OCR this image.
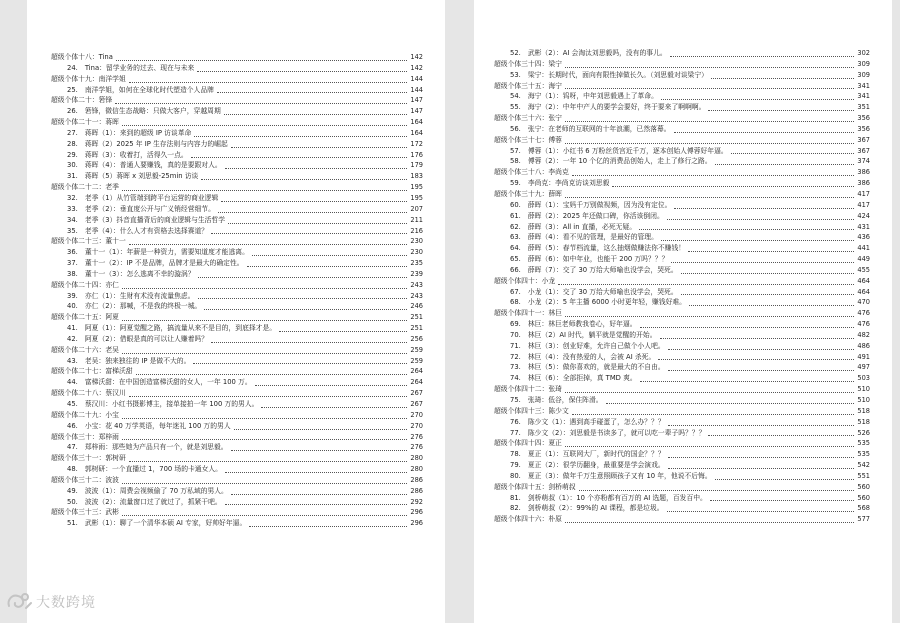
超级个体十八：Tina	142
24. Tina：留学业务的过去、现在与未来	142
超级个体十九：南洋学姐	144
25. 南洋学姐，如何在全球化时代塑造个人品牌	144
超级个体二十：箬锋	147
26. 箬锋，微信生态战略：只做大客户，穿越周期	147
超级个体二十一：蒋晖	164
27. 蒋晖（1）：来到的超级 IP 访谈革命	164
28. 蒋晖（2）2025 年 IP 生存法则与内容力的崛起	172
29. 蒋晖（3）：收着打，活得久一点。	176
30. 蒋晖（4）：普通人要赚钱，真的是要跟对人。	179
31. 蒋晖（5）蒋晖 x 刘思毅-25min 访谈	183
超级个体二十二：老季	195
32. 老季（1）从竹管端到跨平台运营的商业逻辑	195
33. 老季（2）：垂直度公开与广义销经营细节。	207
34. 老季（3）抖音直播背后的商业逻辑与生活哲学	211
35. 老季（4）：什么人才有资格去选择赛道？	216
超级个体二十三：董十一	230
36. 董十一（1）：年薪是一种资力，需要知道度才能逃离。	230
37. 董十一（2）：IP 不是品牌，品牌才是最大的确定性。	235
38. 董十一（3）：怎么逃离不幸的漩涡？	239
超级个体二十四：亦仁	243
39. 亦仁（1）：生财有术没有流量焦虑。	243
40. 亦仁（2）：那喊，不是我的终极一城。	246
超级个体二十五：阿夏	251
41. 阿夏（1）：阿夏觉醒之路，搞流量从来不是目的，到底择才是。	251
42. 阿夏（2）：借眼是真的可以让人赚着吗？	256
超级个体二十六：老吴	259
43. 老吴：独来独往的 IP 是做不大的。	259
超级个体二十七：富梯沃甜	264
44. 富梯沃甜：在中国创造富梯沃甜的女人，一年 100 万。	264
超级个体二十八：蔡汉川	267
45. 蔡汉川：小红书摄影博主，接单接拍一年 100 万的男人。	267
超级个体二十九：小宝	270
46. 小宝：花 40 万学英语，每年迷礼 100 万的男人	270
超级个体三十：郑梓雨	276
47. 郑梓雨：那些她为产品只有一个，就是刘思毅。	276
超级个体三十一：郭树研	280
48. 郭树研：一个直播过 1，700 场的卡通女人。	280
超级个体三十二：波波	286
49. 波波（1）：周费会视频偷了 70 万私域的男人。	286
50. 波波（2）：流量窗口过了就过了，抓紧干吧。	292
超级个体三十三：武彬	296
51. 武彬（1）：聊了一个清华本硕 AI 专家，好帅好年逼。	296
52. 武彬（2）：AI 会淘汰刘思毅吗，没有的事儿。	302
超级个体三十四：梁宁	309
53. 梁宁：长期时代，面向有限性掉做长久。（刘思毅对谈梁宁）	309
超级个体三十五：海宁	341
54. 海宁（1）：钨呀，中年刘思毅遇上了革命。	341
55. 海宁（2）：中年中产人的要学会要好，终于要来了啊啊啊。	351
超级个体三十六：张宁	356
56. 张宁：在老师的互联网的十年浪潮，已然落幕。	356
超级个体三十七：傅蓉	367
57. 傅蓉（1）：小红书 6 万粉丝货宫近千万，逐本创始人傅蓉好年逼。	367
58. 傅蓉（2）：一年 10 个亿的消费品创始人，走上了修行之路。	374
超级个体三十八：李尚克	386
59. 李尚克：李尚克访谈刘思毅	386
超级个体三十九：薛晖	417
60. 薛晖（1）：宝妈千万别做视频，因为没有定位。	417
61. 薛晖（2）：2025 年还做口碑，你活该倒闭。	424
62. 薛晖（3）：All in 直播，必死无疑。	431
63. 薛晖（4）：看不见的管理，是最好的管理。	436
64. 薛晖（5）：春节档流量，这么抽烟做赚法你不赚钱！	441
65. 薛晖（6）：如中年业，也能干 200 万吗？？？	449
66. 薛晖（7）：交了 30 万给大师喻也没学会，哭死。	455
超级个体四十：小龙	464
67. 小龙（1）：交了 30 万给大师喻也没学会，哭死。	464
68. 小龙（2）：5 年主播 6000 小时更年轻，赚钱好难。	470
超级个体四十一：林巨	476
69. 林巨：林巨老师教我卷心，好年逼。	476
70. 林巨（2）AI 时代，躺平就是觉醒的开始。	482
71. 林巨（3）：创业好难，允许自己做个小人吧。	486
72. 林巨（4）：没有热爱的人，会被 AI 杀死。	491
73. 林巨（5）：做你喜欢的，就是最大的不自由。	497
74. 林巨（6）：全部拒掉，真 TMD 爽。	503
超级个体四十二：张琦	510
75. 张琦：低谷，保住阵滑。	510
超级个体四十三：陈少文	518
76. 陈少文（1）：遇到高手碰蛋了，怎么办？？？	518
77. 陈少文（2）：刘思毅是书读多了，就可以吃一辈子吗？？？	526
超级个体四十四：夏正	535
78. 夏正（1）：互联网大厂，新时代的国企？？？	535
79. 夏正（2）：很学历翻身，最重要是学会演戏。	542
80. 夏正（3）：做年千万生意照顾孩子又有 10 年，他说不后悔。	551
超级个体四十五：剑桥萌叔	560
81. 剑桥萌叔（1）：10 个亦粉都有百万的 AI 选题，百发百中。	560
82. 剑桥萌叔（2）：99%的 AI 课程，都是垃圾。	568
超级个体四十六：朴原	577
大数跨境
